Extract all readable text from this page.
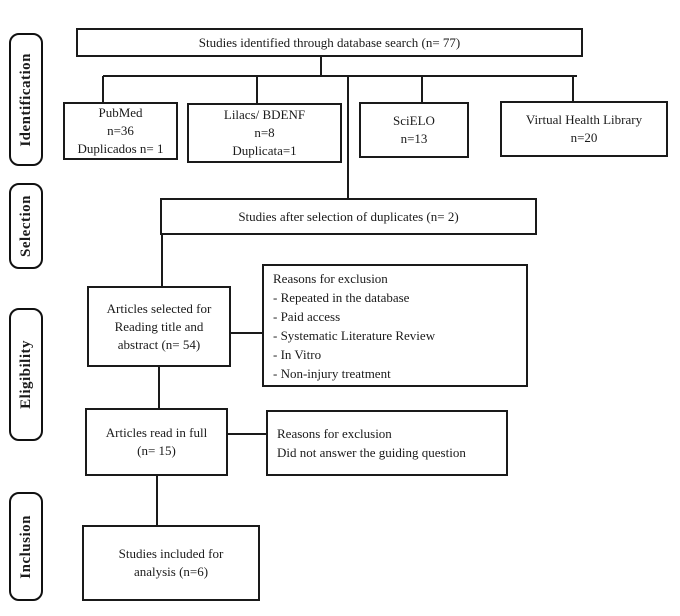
Identification
Selection
Eligibility
Inclusion
Studies identified through database search (n= 77)
PubMed
n=36
Duplicados n= 1
Lilacs/ BDENF
n=8
Duplicata=1
SciELO
n=13
Virtual Health Library
n=20
Studies after selection of duplicates (n= 2)
Articles selected for
Reading title and
abstract (n= 54)
Reasons for exclusion
- Repeated in the database
- Paid access
- Systematic Literature Review
- In Vitro
- Non-injury treatment
Articles read in full
(n= 15)
Reasons for exclusion
Did not answer the guiding question
Studies included for
analysis (n=6)
